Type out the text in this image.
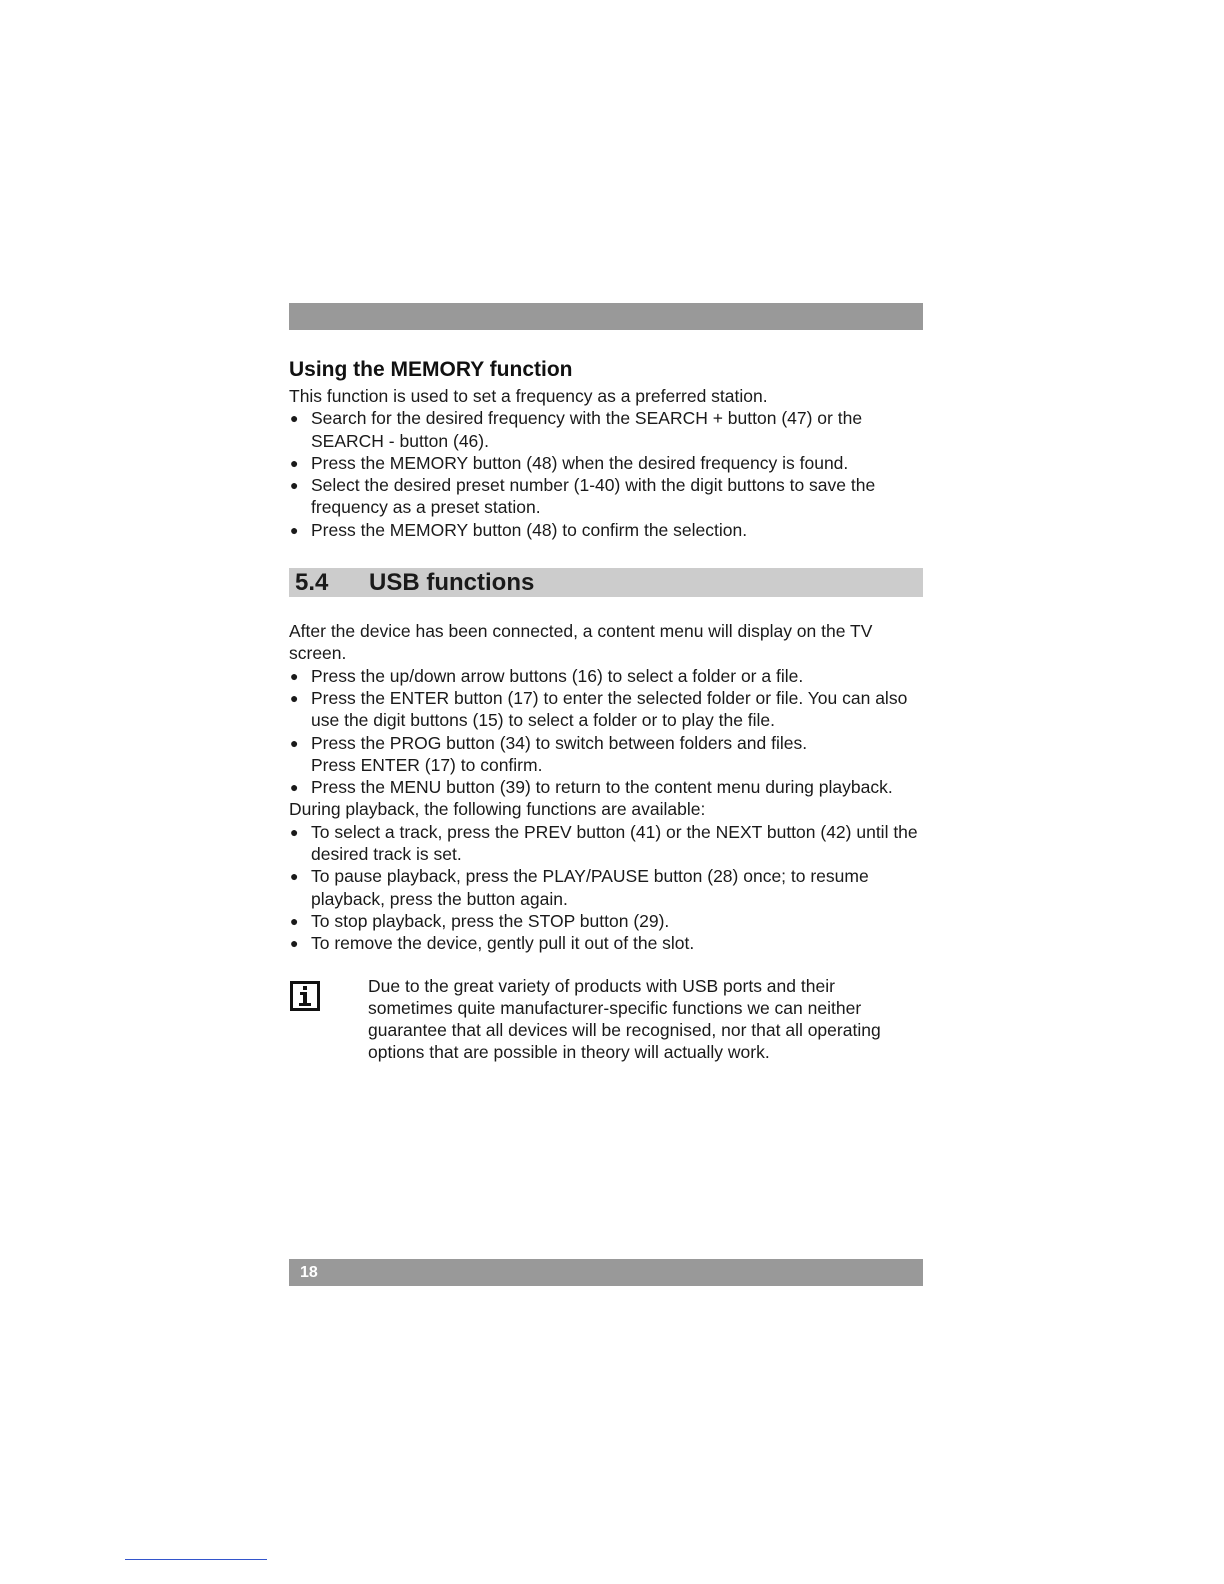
Using the MEMORY function

This function is used to set a frequency as a preferred station.

● Search for the desired frequency with the SEARCH + button (47) or the SEARCH - button (46).
● Press the MEMORY button (48) when the desired frequency is found.
● Select the desired preset number (1-40) with the digit buttons to save the frequency as a preset station.
● Press the MEMORY button (48) to confirm the selection.
5.4	USB functions

After the device has been connected, a content menu will display on the TV screen.

● Press the up/down arrow buttons (16) to select a folder or a file.
● Press the ENTER button (17) to enter the selected folder or file. You can also use the digit buttons (15) to select a folder or to play the file.
● Press the PROG button (34) to switch between folders and files.
Press ENTER (17) to confirm.
● Press the MENU button (39) to return to the content menu during playback.

During playback, the following functions are available:

● To select a track, press the PREV button (41) or the NEXT button (42) until the desired track is set.
● To pause playback, press the PLAY/PAUSE button (28) once; to resume playback, press the button again.
● To stop playback, press the STOP button (29).
● To remove the device, gently pull it out of the slot.

Due to the great variety of products with USB ports and their sometimes quite manufacturer-specific functions we can neither guarantee that all devices will be recognised, nor that all operating options that are possible in theory will actually work.

18
